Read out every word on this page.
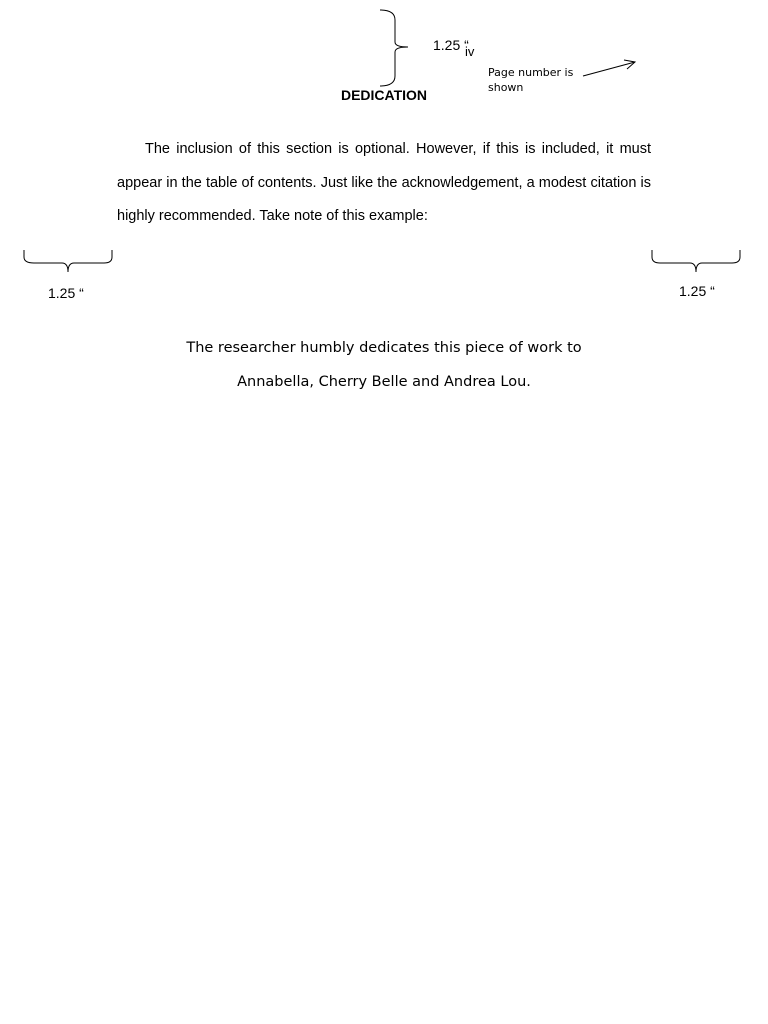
1.25 “
iv
Page number is shown
DEDICATION

The inclusion of this section is optional. However, if this is included, it must appear in the table of contents. Just like the acknowledgement, a modest citation is highly recommended. Take note of this example:

1.25 “	1.25 “
The researcher humbly dedicates this piece of work to
Annabella, Cherry Belle and Andrea Lou.
